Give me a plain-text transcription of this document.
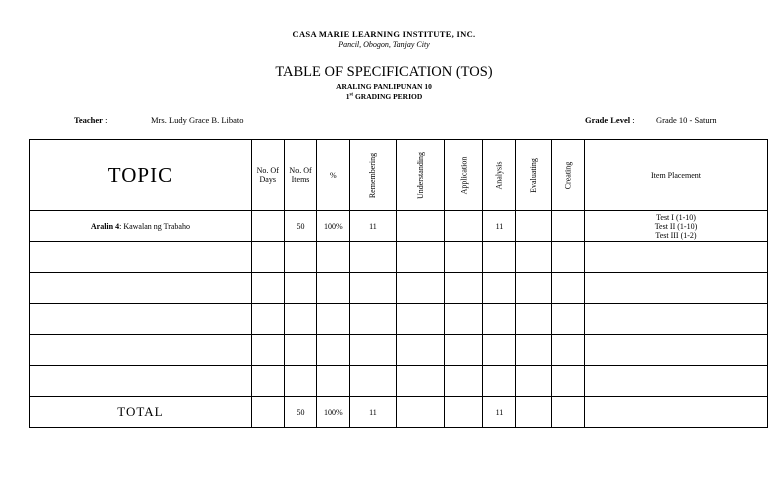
CASA MARIE LEARNING INSTITUTE, INC.
Pancil, Obogon, Tanjay City
TABLE OF SPECIFICATION (TOS)
ARALING PANLIPUNAN 10
1st GRADING PERIOD
Teacher :	Mrs. Ludy Grace B. Libato	Grade Level :	Grade 10 - Saturn
TOPIC	No. Of Days	No. Of Items	%	Remembering	Understanding	Application	Analysis	Evaluating	Creating	Item Placement
Aralin 4: Kawalan ng Trabaho		50	100%	11			11			Test I (1-10)
Test II (1-10)
Test III (1-2)

TOTAL		50	100%	11			11			
